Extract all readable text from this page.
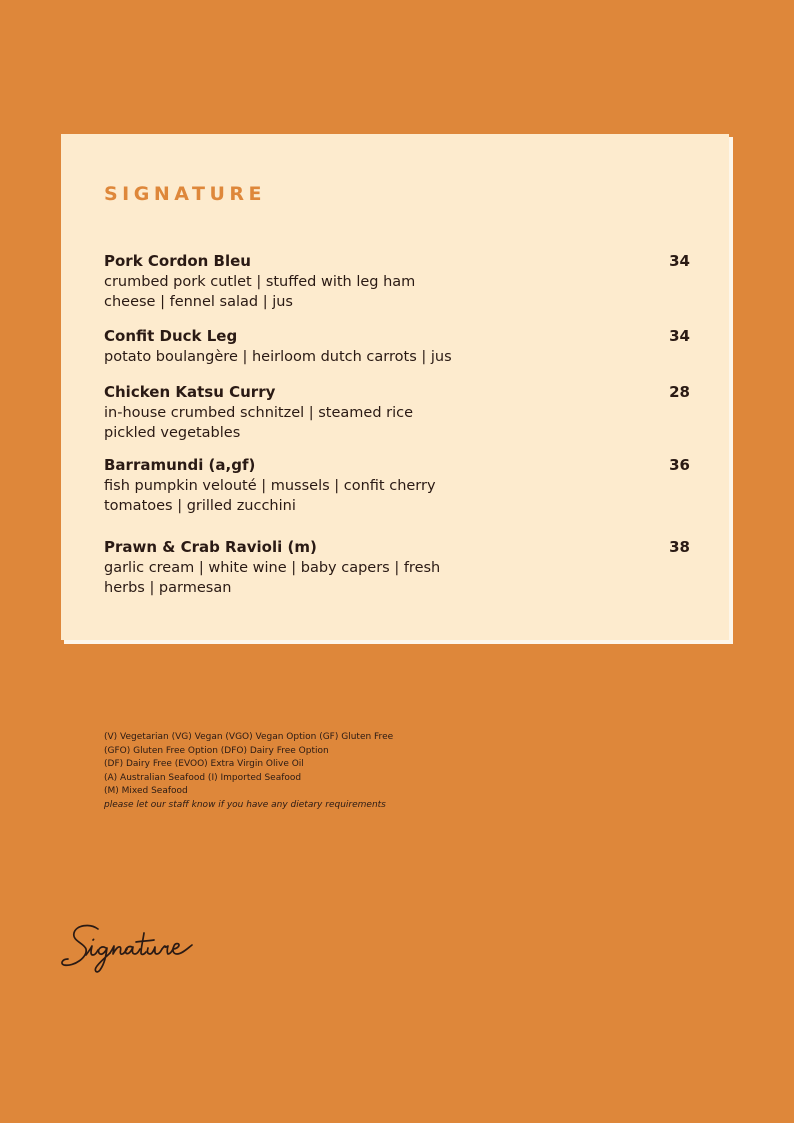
SIGNATURE
Pork Cordon Bleu	34
crumbed pork cutlet | stuffed with leg ham
cheese | fennel salad | jus
Confit Duck Leg	34
potato boulangère | heirloom dutch carrots | jus
Chicken Katsu Curry	28
in-house crumbed schnitzel | steamed rice
pickled vegetables
Barramundi (a,gf)	36
fish pumpkin velouté | mussels | confit cherry
tomatoes | grilled zucchini
Prawn & Crab Ravioli (m)	38
garlic cream | white wine | baby capers | fresh
herbs | parmesan
(V) Vegetarian (VG) Vegan (VGO) Vegan Option (GF) Gluten Free
(GFO) Gluten Free Option (DFO) Dairy Free Option
(DF) Dairy Free (EVOO) Extra Virgin Olive Oil
(A) Australian Seafood (I) Imported Seafood
(M) Mixed Seafood
please let our staff know if you have any dietary requirements
